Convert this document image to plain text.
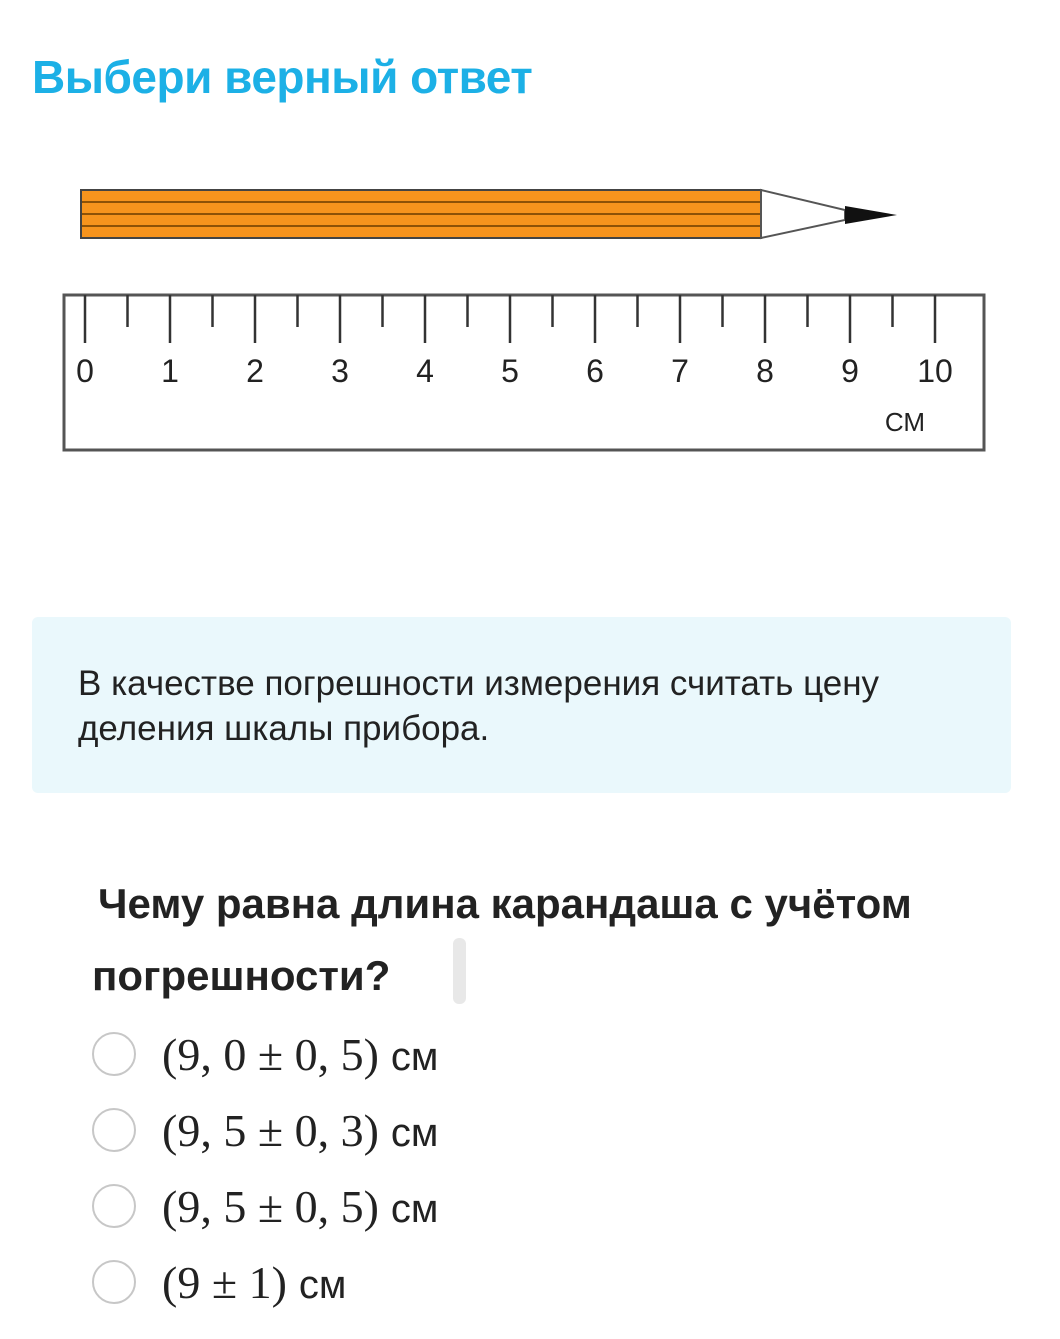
Выбери верный ответ
0 1 2 3 4 5 6 7 8 9 10
СМ
В качестве погрешности измерения считать цену деления шкалы прибора.
Чему равна длина карандаша с учётом
погрешности?
(9, 0 ± 0, 5) см
(9, 5 ± 0, 3) см
(9, 5 ± 0, 5) см
(9 ± 1) см
